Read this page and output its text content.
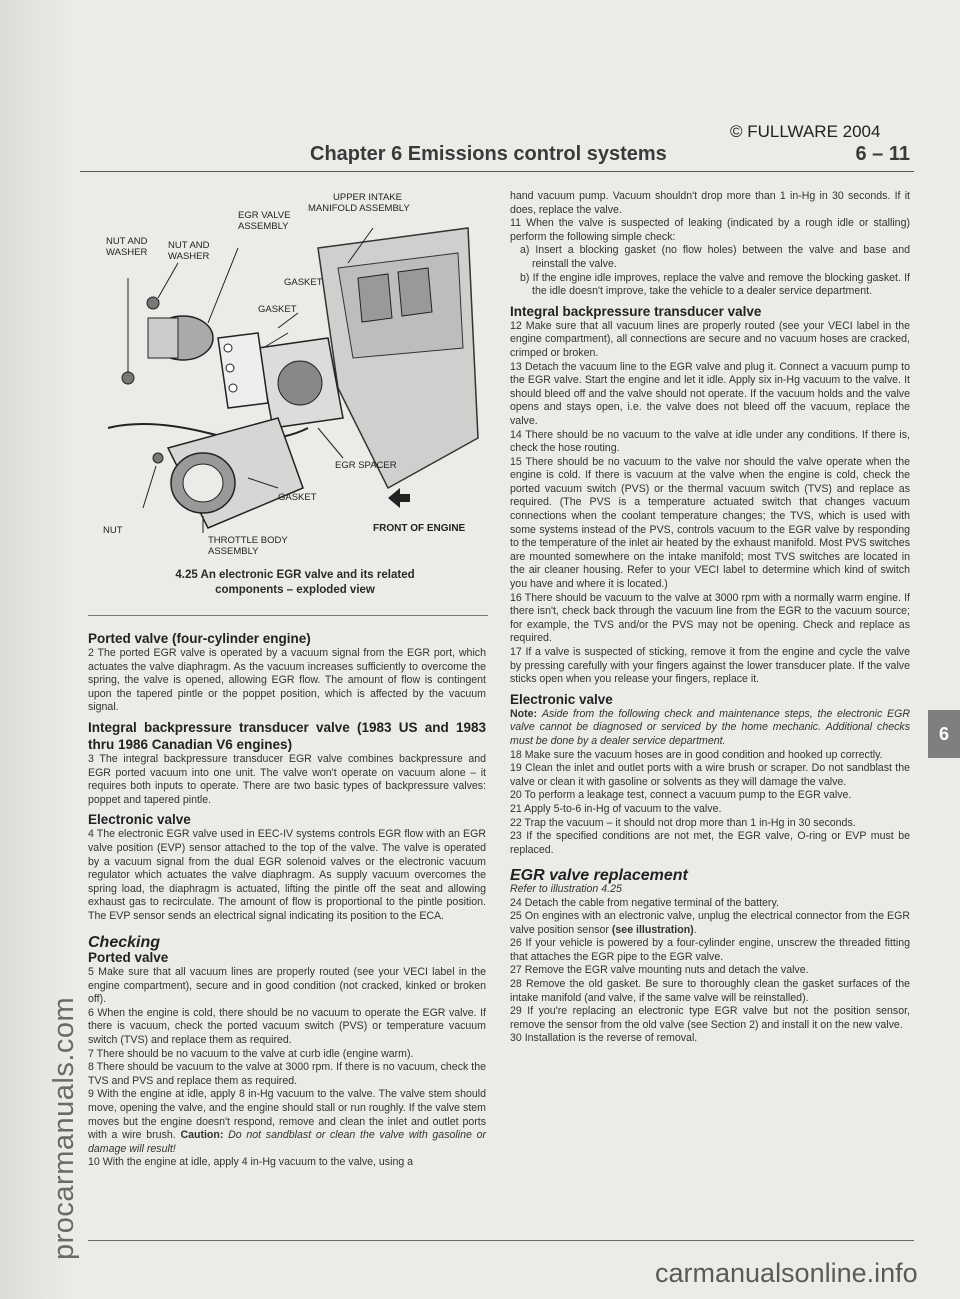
© FULLWARE 2004
Chapter 6 Emissions control systems	6 – 11
NUT AND
WASHER
NUT AND
WASHER
EGR VALVE
ASSEMBLY
UPPER INTAKE
MANIFOLD ASSEMBLY
GASKET
GASKET
EGR SPACER
GASKET
NUT
THROTTLE BODY
ASSEMBLY
FRONT OF ENGINE
4.25 An electronic EGR valve and its related
components – exploded view

Ported valve (four-cylinder engine)

2 The ported EGR valve is operated by a vacuum signal from the EGR port, which actuates the valve diaphragm. As the vacuum increases sufficiently to overcome the spring, the valve is opened, allowing EGR flow. The amount of flow is contingent upon the tapered pintle or the poppet position, which is affected by the vacuum signal.

Integral backpressure transducer valve (1983 US and 1983 thru 1986 Canadian V6 engines)

3 The integral backpressure transducer EGR valve combines backpressure and EGR ported vacuum into one unit. The valve won't operate on vacuum alone – it requires both inputs to operate. There are two basic types of backpressure valves: poppet and tapered pintle.

Electronic valve

4 The electronic EGR valve used in EEC-IV systems controls EGR flow with an EGR valve position (EVP) sensor attached to the top of the valve. The valve is operated by a vacuum signal from the dual EGR solenoid valves or the electronic vacuum regulator which actuates the valve diaphragm. As supply vacuum overcomes the spring load, the diaphragm is actuated, lifting the pintle off the seat and allowing exhaust gas to recirculate. The amount of flow is proportional to the pintle position. The EVP sensor sends an electrical signal indicating its position to the ECA.

Checking

Ported valve

5 Make sure that all vacuum lines are properly routed (see your VECI label in the engine compartment), secure and in good condition (not cracked, kinked or broken off).

6 When the engine is cold, there should be no vacuum to operate the EGR valve. If there is vacuum, check the ported vacuum switch (PVS) or temperature vacuum switch (TVS) and replace them as required.

7 There should be no vacuum to the valve at curb idle (engine warm).

8 There should be vacuum to the valve at 3000 rpm. If there is no vacuum, check the TVS and PVS and replace them as required.

9 With the engine at idle, apply 8 in-Hg vacuum to the valve. The valve stem should move, opening the valve, and the engine should stall or run roughly. If the valve stem moves but the engine doesn't respond, remove and clean the inlet and outlet ports with a wire brush. Caution: Do not sandblast or clean the valve with gasoline or damage will result!

10 With the engine at idle, apply 4 in-Hg vacuum to the valve, using a

hand vacuum pump. Vacuum shouldn't drop more than 1 in-Hg in 30 seconds. If it does, replace the valve.

11 When the valve is suspected of leaking (indicated by a rough idle or stalling) perform the following simple check:

a) Insert a blocking gasket (no flow holes) between the valve and base and reinstall the valve.

b) If the engine idle improves, replace the valve and remove the blocking gasket. If the idle doesn't improve, take the vehicle to a dealer service department.

Integral backpressure transducer valve

12 Make sure that all vacuum lines are properly routed (see your VECI label in the engine compartment), all connections are secure and no vacuum hoses are cracked, crimped or broken.

13 Detach the vacuum line to the EGR valve and plug it. Connect a vacuum pump to the EGR valve. Start the engine and let it idle. Apply six in-Hg vacuum to the valve. It should bleed off and the valve should not operate. If the vacuum holds and the valve opens and stays open, i.e. the valve does not bleed off the vacuum, replace the valve.

14 There should be no vacuum to the valve at idle under any conditions. If there is, check the hose routing.

15 There should be no vacuum to the valve nor should the valve operate when the engine is cold. If there is vacuum at the valve when the engine is cold, check the ported vacuum switch (PVS) or the thermal vacuum switch (TVS) and replace as required. (The PVS is a temperature actuated switch that changes vacuum connections when the coolant temperature changes; the TVS, which is used with some systems instead of the PVS, controls vacuum to the EGR valve by responding to the temperature of the inlet air heated by the exhaust manifold. Most PVS switches are mounted somewhere on the intake manifold; most TVS switches are located in the air cleaner housing. Refer to your VECI label to determine which kind of switch you have and where it is located.)

16 There should be vacuum to the valve at 3000 rpm with a normally warm engine. If there isn't, check back through the vacuum line from the EGR to the vacuum source; for example, the TVS and/or the PVS may not be opening. Check and replace as required.

17 If a valve is suspected of sticking, remove it from the engine and cycle the valve by pressing carefully with your fingers against the lower transducer plate. If the valve sticks open when you release your fingers, replace it.

Electronic valve

Note: Aside from the following check and maintenance steps, the electronic EGR valve cannot be diagnosed or serviced by the home mechanic. Additional checks must be done by a dealer service department.

18 Make sure the vacuum hoses are in good condition and hooked up correctly.

19 Clean the inlet and outlet ports with a wire brush or scraper. Do not sandblast the valve or clean it with gasoline or solvents as they will damage the valve.

20 To perform a leakage test, connect a vacuum pump to the EGR valve.

21 Apply 5-to-6 in-Hg of vacuum to the valve.

22 Trap the vacuum – it should not drop more than 1 in-Hg in 30 seconds.

23 If the specified conditions are not met, the EGR valve, O-ring or EVP must be replaced.

EGR valve replacement

Refer to illustration 4.25

24 Detach the cable from negative terminal of the battery.

25 On engines with an electronic valve, unplug the electrical connector from the EGR valve position sensor (see illustration).

26 If your vehicle is powered by a four-cylinder engine, unscrew the threaded fitting that attaches the EGR pipe to the EGR valve.

27 Remove the EGR valve mounting nuts and detach the valve.

28 Remove the old gasket. Be sure to thoroughly clean the gasket surfaces of the intake manifold (and valve, if the same valve will be reinstalled).

29 If you're replacing an electronic type EGR valve but not the position sensor, remove the sensor from the old valve (see Section 2) and install it on the new valve.

30 Installation is the reverse of removal.

6
procarmanuals.com
carmanualsonline.info
